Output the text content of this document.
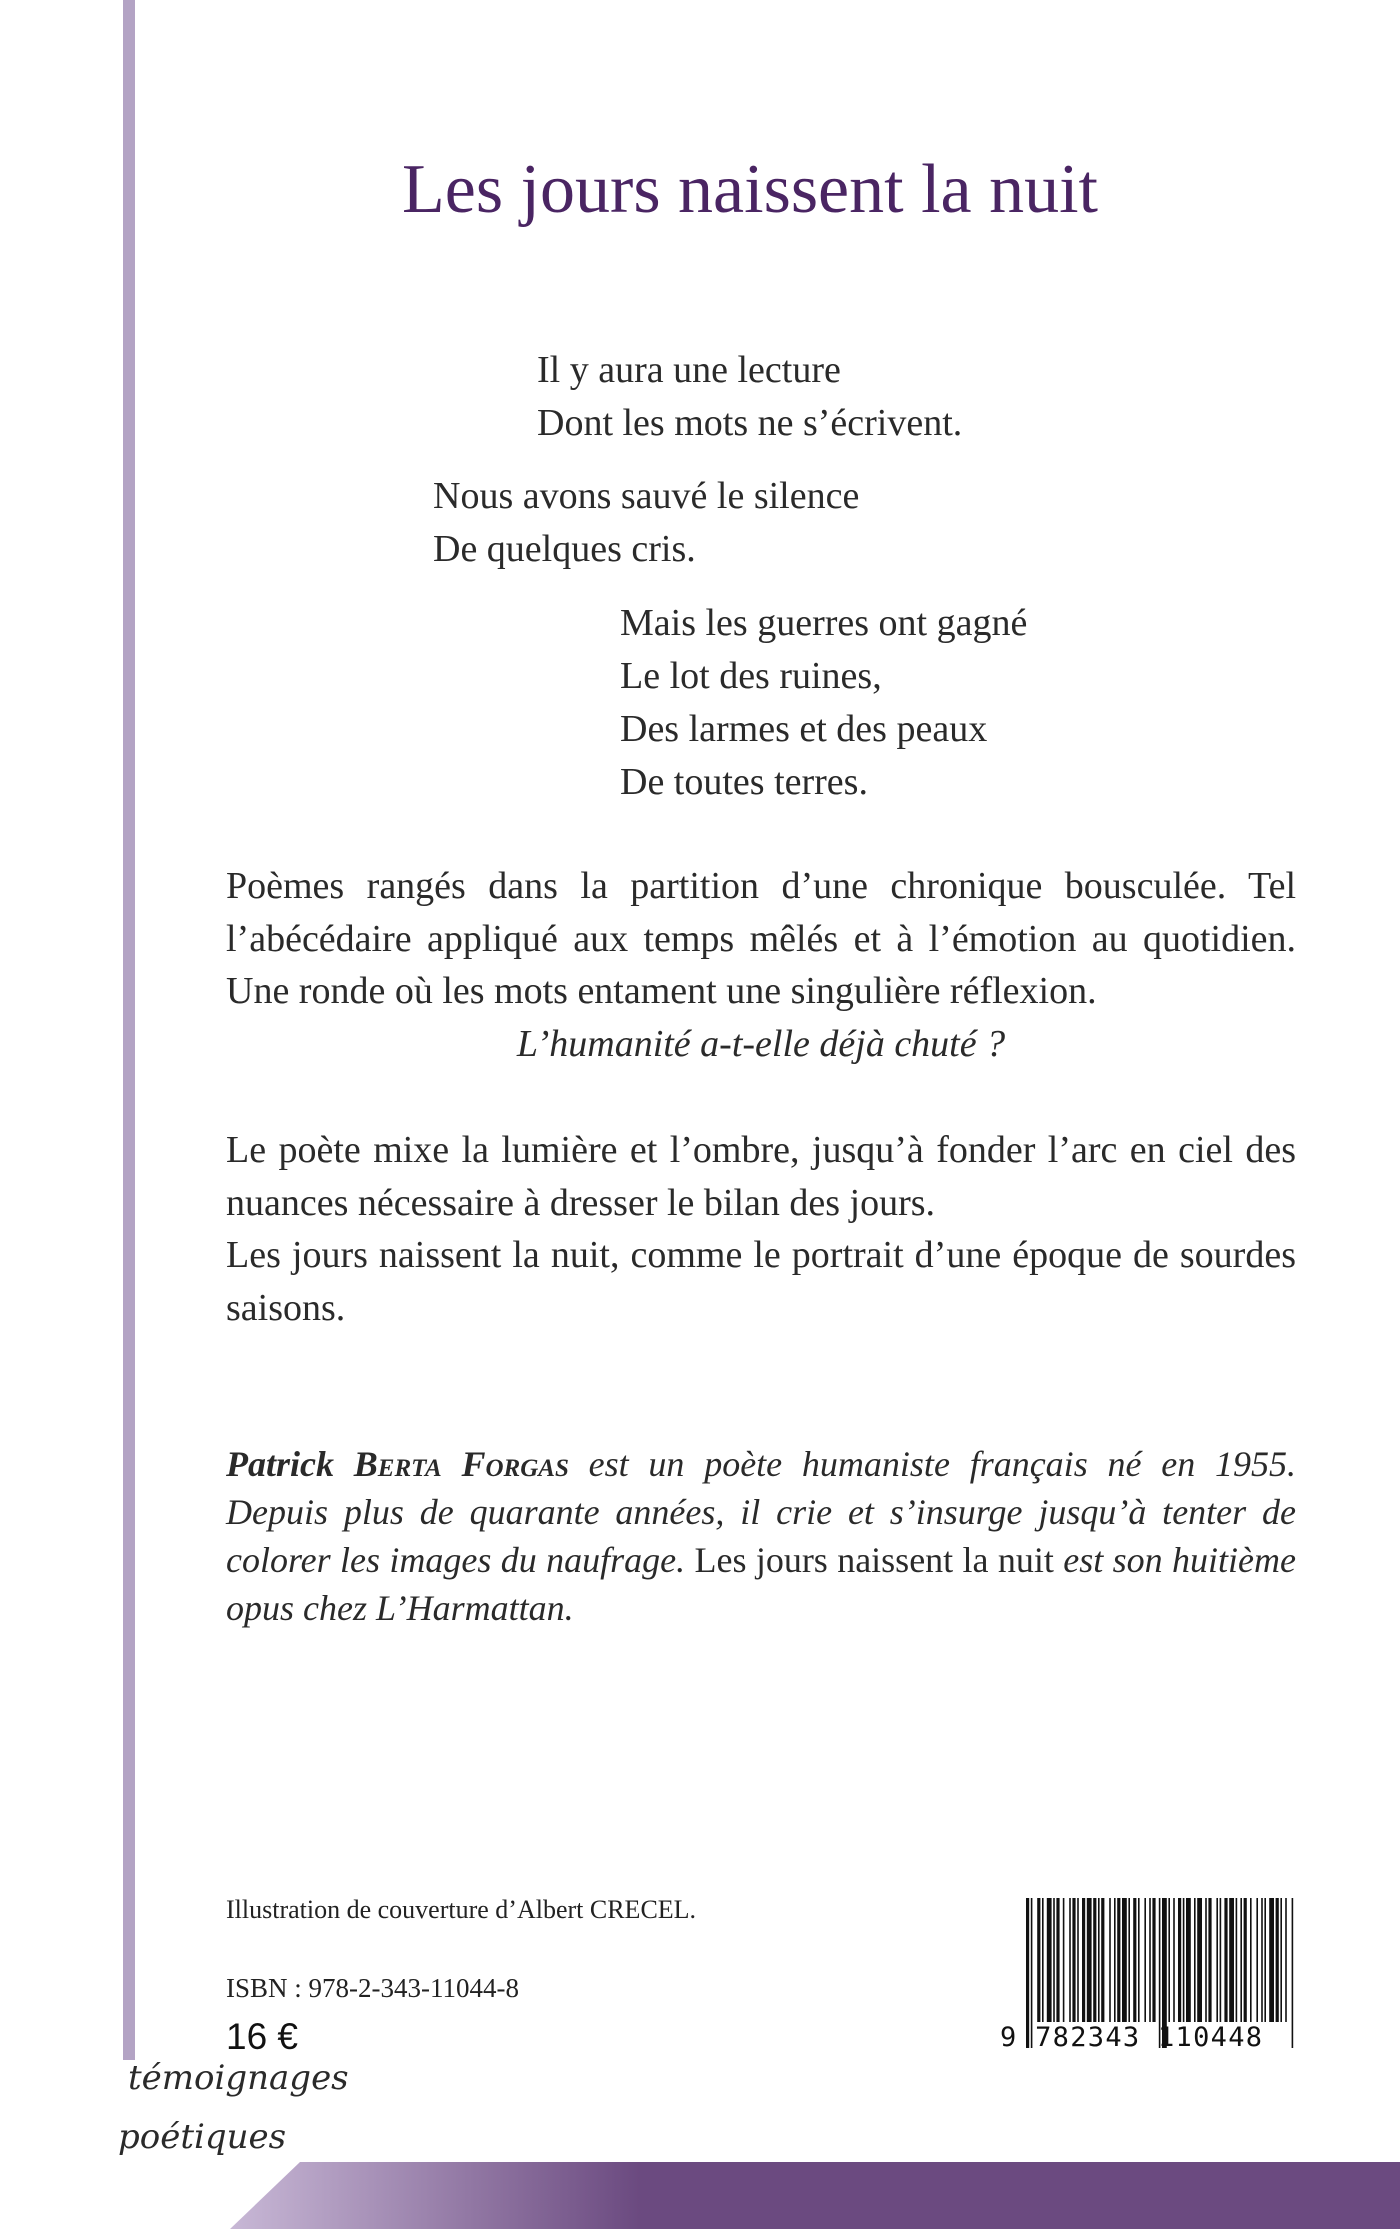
Les jours naissent la nuit
Il y aura une lecture
Dont les mots ne s’écrivent.
Nous avons sauvé le silence
De quelques cris.
Mais les guerres ont gagné
Le lot des ruines,
Des larmes et des peaux
De toutes terres.

Poèmes rangés dans la partition d’une chronique bousculée. Tel l’abécédaire appliqué aux temps mêlés et à l’émotion au quotidien. Une ronde où les mots entament une singulière réflexion.
L’humanité a-t-elle déjà chuté ?

Le poète mixe la lumière et l’ombre, jusqu’à fonder l’arc en ciel des nuances nécessaire à dresser le bilan des jours.
Les jours naissent la nuit, comme le portrait d’une époque de sourdes saisons.

Patrick Berta Forgas est un poète humaniste français né en 1955. Depuis plus de quarante années, il crie et s’insurge jusqu’à tenter de colorer les images du naufrage. Les jours naissent la nuit est son huitième opus chez L’Harmattan.

Illustration de couverture d’Albert CRECEL.
ISBN : 978-2-343-11044-8
16 €	9 782343 110448
témoignages
poétiques
